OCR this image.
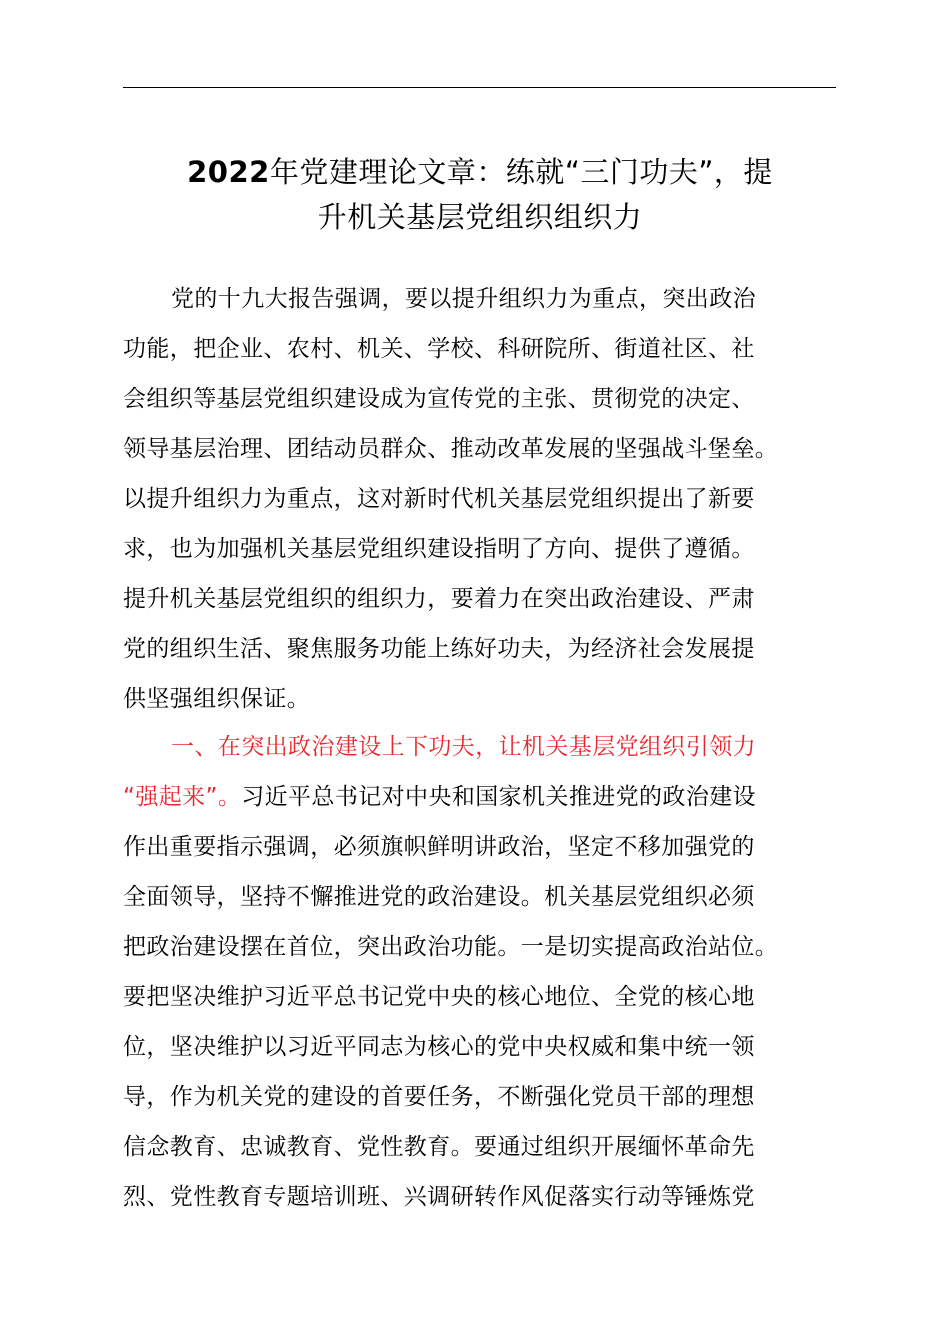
2022年党建理论文章：练就“三门功夫”，提
升机关基层党组织组织力
党的十九大报告强调，要以提升组织力为重点，突出政治
功能，把企业、农村、机关、学校、科研院所、街道社区、社
会组织等基层党组织建设成为宣传党的主张、贯彻党的决定、
领导基层治理、团结动员群众、推动改革发展的坚强战斗堡垒。
以提升组织力为重点，这对新时代机关基层党组织提出了新要
求，也为加强机关基层党组织建设指明了方向、提供了遵循。
提升机关基层党组织的组织力，要着力在突出政治建设、严肃
党的组织生活、聚焦服务功能上练好功夫，为经济社会发展提
供坚强组织保证。
一、在突出政治建设上下功夫，让机关基层党组织引领力
“强起来”。习近平总书记对中央和国家机关推进党的政治建设
作出重要指示强调，必须旗帜鲜明讲政治，坚定不移加强党的
全面领导，坚持不懈推进党的政治建设。机关基层党组织必须
把政治建设摆在首位，突出政治功能。一是切实提高政治站位。
要把坚决维护习近平总书记党中央的核心地位、全党的核心地
位，坚决维护以习近平同志为核心的党中央权威和集中统一领
导，作为机关党的建设的首要任务，不断强化党员干部的理想
信念教育、忠诚教育、党性教育。要通过组织开展缅怀革命先
烈、党性教育专题培训班、兴调研转作风促落实行动等锤炼党
